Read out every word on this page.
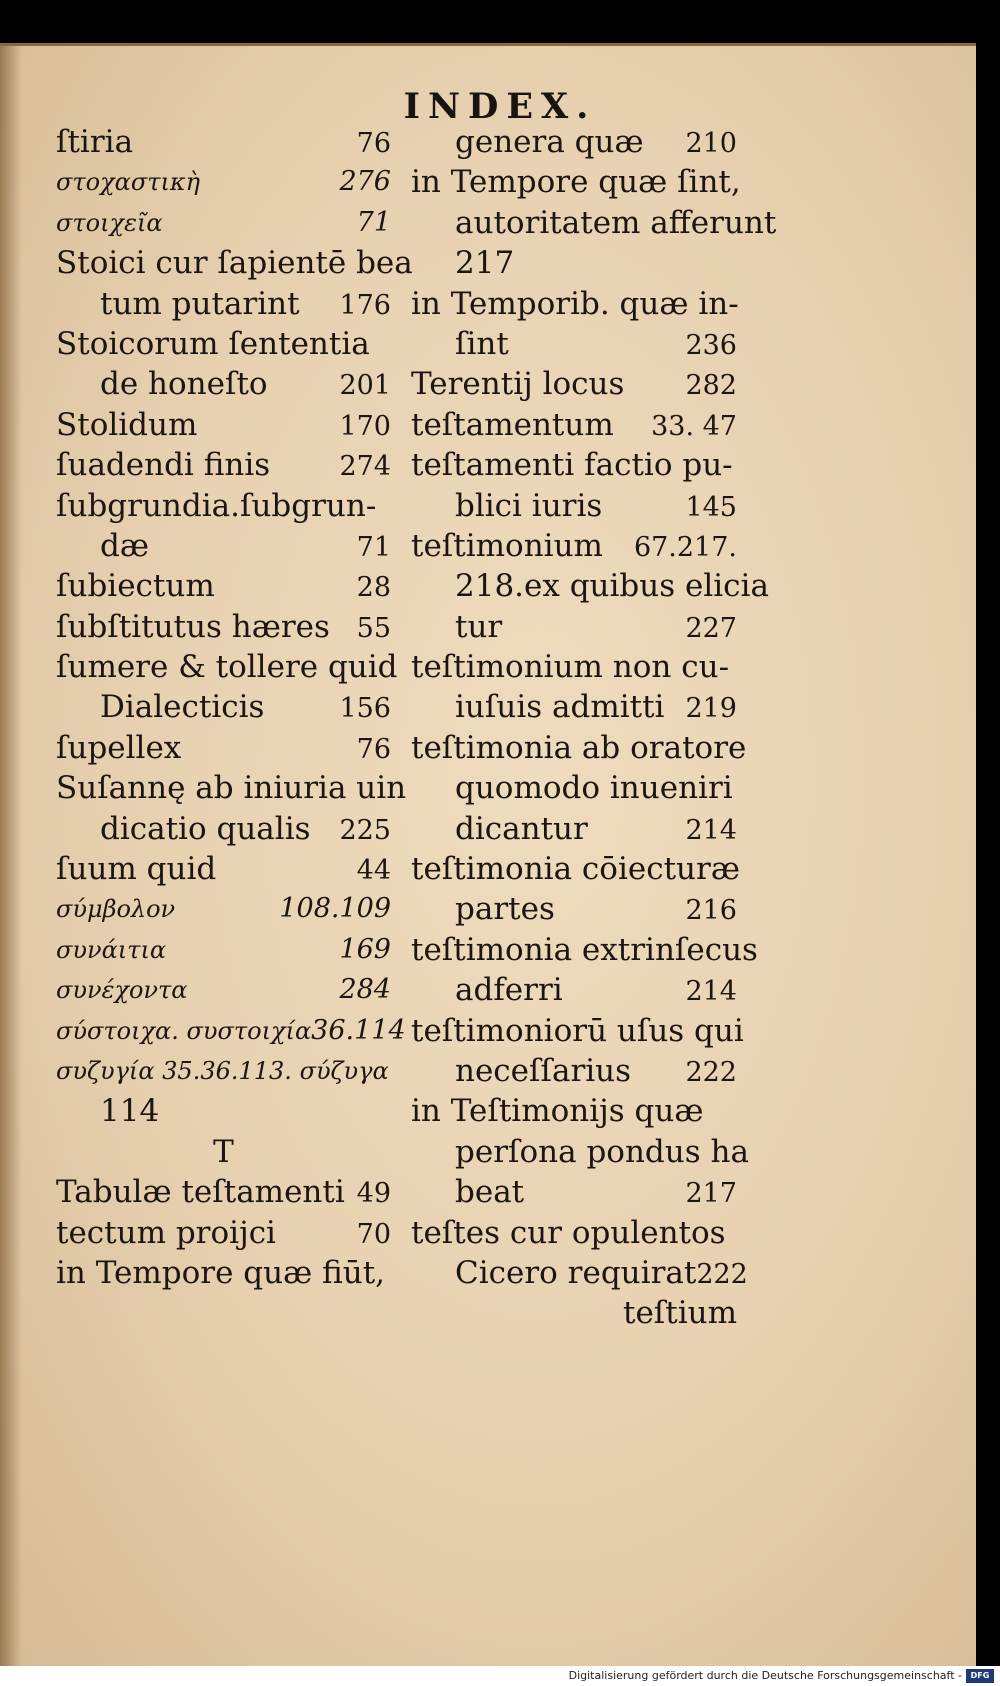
INDEX.
ſtiria	76
στοχαστικὴ	276
στοιχεῖα	71
Stoici cur ſapientē bea
tum putarint 176
Stoicorum ſententia
de honeſto	201
Stolidum	170
ſuadendi finis	274
ſubgrundia.ſubgrun-
dæ	71
ſubiectum	28
ſubſtitutus hæres 55
ſumere & tollere quid
Dialecticis	156
ſupellex	76
Suſannę ab iniuria uin
dicatio qualis 225
ſuum quid	44
σύμβολον	108.109
συνάιτια	169
συνέχοντα	284
σύστοιχα. συστοιχία 36.114
συζυγία 35.36.113. σύζυγα
114
T
Tabulæ teſtamenti 49
tectum proijci	70
in Tempore quæ fiūt,
genera quæ 210
in Tempore quæ ſint,
autoritatem afferunt
217
in Temporib. quæ in-
ſint	236
Terentij locus 282
teſtamentum 33. 47
teſtamenti factio pu-
blici iuris	145
teſtimonium 67.217.
218.ex quibus elicia
tur	227
teſtimonium non cu-
iuſuis admitti 219
teſtimonia ab oratore
quomodo inueniri
dicantur	214
teſtimonia cōiecturæ
partes	216
teſtimonia extrinſecus
adferri	214
teſtimoniorū uſus qui
neceſſarius 222
in Teſtimonijs quæ
perſona pondus ha
beat	217
teſtes cur opulentos
Cicero requirat 222
teſtium
Digitalisierung gefördert durch die Deutsche Forschungsgemeinschaft -	DFG
